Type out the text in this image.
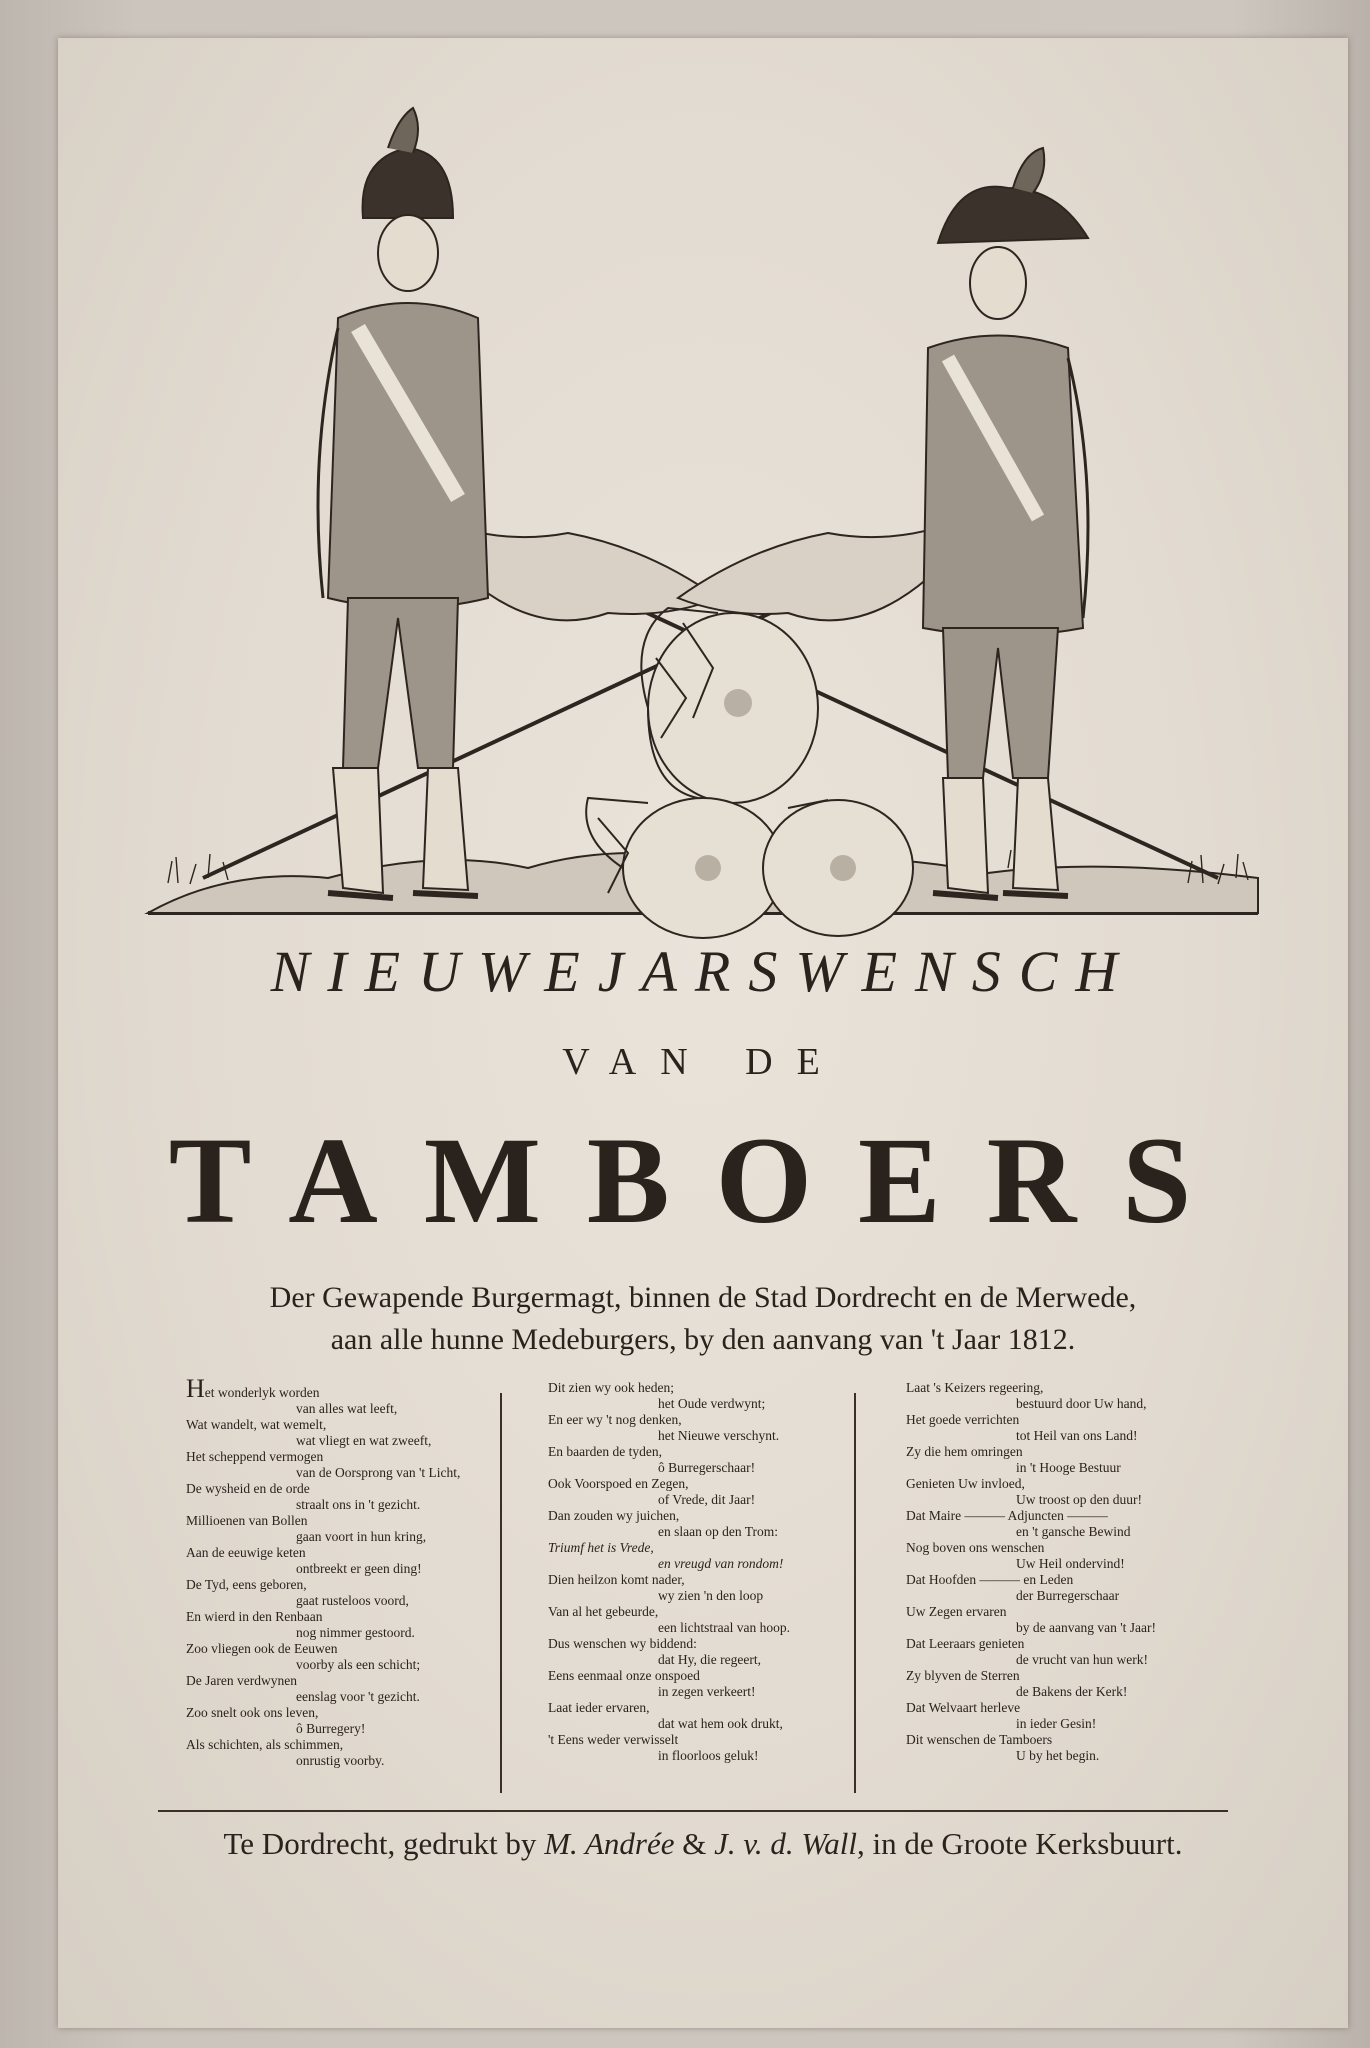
NIEUWEJARSWENSCH
VAN DE
TAMBOERS
Der Gewapende Burgermagt, binnen de Stad Dordrecht en de Merwede,
aan alle hunne Medeburgers, by den aanvang van 't Jaar 1812.
Het wonderlyk worden
van alles wat leeft,
Wat wandelt, wat wemelt,
wat vliegt en wat zweeft,
Het scheppend vermogen
van de Oorsprong van 't Licht,
De wysheid en de orde
straalt ons in 't gezicht.
Millioenen van Bollen
gaan voort in hun kring,
Aan de eeuwige keten
ontbreekt er geen ding!
De Tyd, eens geboren,
gaat rusteloos voord,
En wierd in den Renbaan
nog nimmer gestoord.
Zoo vliegen ook de Eeuwen
voorby als een schicht;
De Jaren verdwynen
eenslag voor 't gezicht.
Zoo snelt ook ons leven,
ô Burregery!
Als schichten, als schimmen,
onrustig voorby.
Dit zien wy ook heden;
het Oude verdwynt;
En eer wy 't nog denken,
het Nieuwe verschynt.
En baarden de tyden,
ô Burregerschaar!
Ook Voorspoed en Zegen,
of Vrede, dit Jaar!
Dan zouden wy juichen,
en slaan op den Trom:
Triumf het is Vrede,
en vreugd van rondom!
Dien heilzon komt nader,
wy zien 'n den loop
Van al het gebeurde,
een lichtstraal van hoop.
Dus wenschen wy biddend:
dat Hy, die regeert,
Eens eenmaal onze onspoed
in zegen verkeert!
Laat ieder ervaren,
dat wat hem ook drukt,
't Eens weder verwisselt
in floorloos geluk!
Laat 's Keizers regeering,
bestuurd door Uw hand,
Het goede verrichten
tot Heil van ons Land!
Zy die hem omringen
in 't Hooge Bestuur
Genieten Uw invloed,
Uw troost op den duur!
Dat Maire ——— Adjuncten ———
en 't gansche Bewind
Nog boven ons wenschen
Uw Heil ondervind!
Dat Hoofden ——— en Leden
der Burregerschaar
Uw Zegen ervaren
by de aanvang van 't Jaar!
Dat Leeraars genieten
de vrucht van hun werk!
Zy blyven de Sterren
de Bakens der Kerk!
Dat Welvaart herleve
in ieder Gesin!
Dit wenschen de Tamboers
U by het begin.
Te Dordrecht, gedrukt by M. Andrée & J. v. d. Wall, in de Groote Kerksbuurt.
